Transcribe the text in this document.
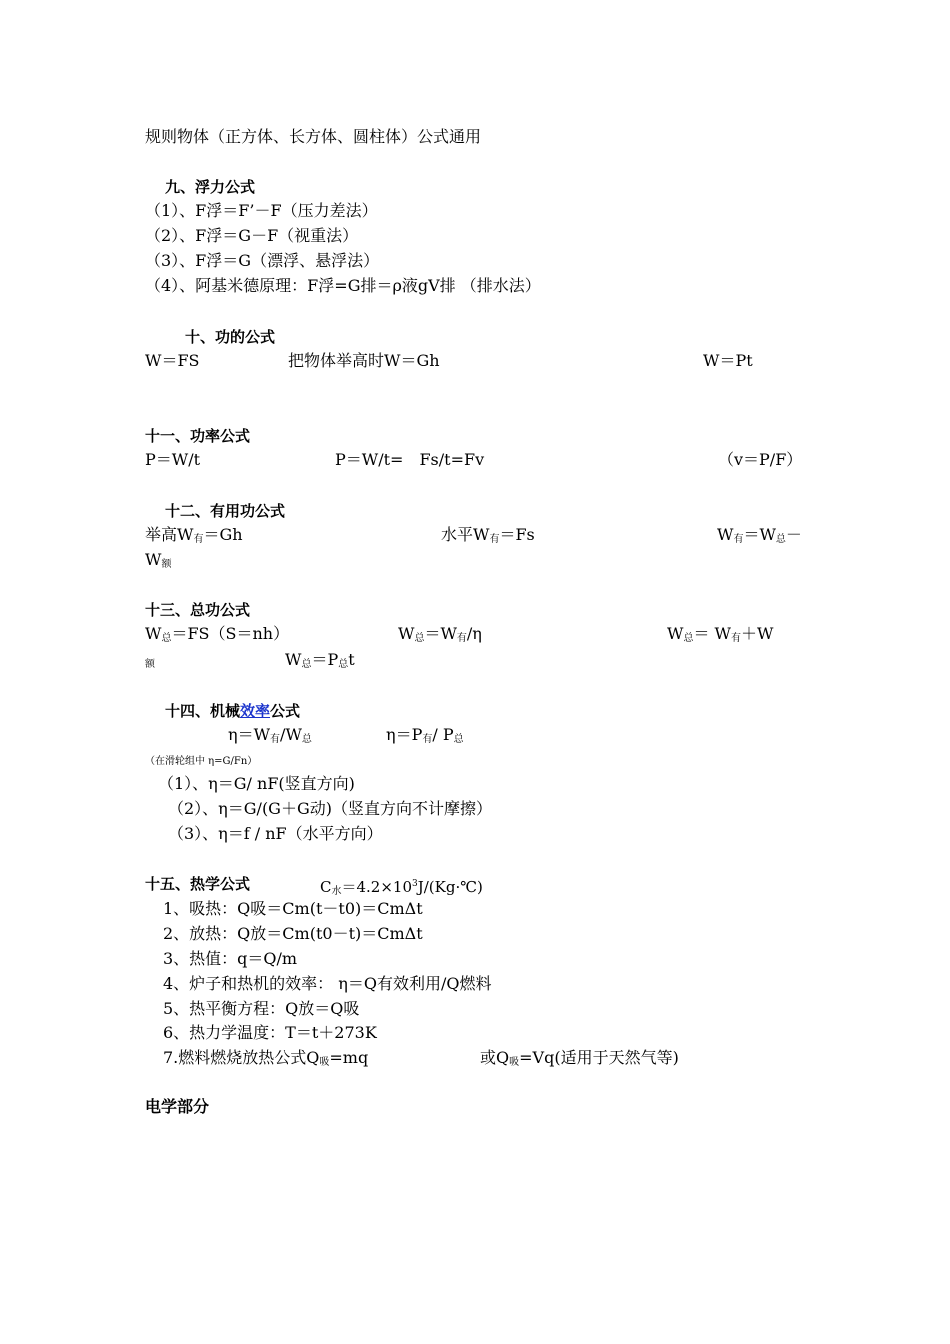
规则物体（正方体、长方体、圆柱体）公式通用
九、浮力公式
（1）、F浮＝F’－F（压力差法）
（2）、F浮＝G－F（视重法）
（3）、F浮＝G（漂浮、悬浮法）
（4）、阿基米德原理：F浮=G排＝ρ液gV排 （排水法）
十、功的公式
W＝FS	把物体举高时W＝Gh	W＝Pt
十一、功率公式
P＝W/t	P＝W/t=　Fs/t=Fv	（v＝P/F）
十二、有用功公式
举高$W_有=Gh$	水平$W_有=Fs$	$W_有=W_总-$
$W_额$
十三、总功公式
$W_总=FS(S=nh)$	$W_总=W_有/\eta$	$W_总= W_有+W$
$_额$	$W_总=P_总t$
十四、机械效率公式
$\eta=W_有/W_总$	$\eta=P_有/$ $P_总$
（在滑轮组中 η=G/Fn）
（1）、η＝G/ nF(竖直方向)
（2）、η＝G/(G＋G动)（竖直方向不计摩擦）
（3）、η＝f / nF（水平方向）
十五、热学公式	$C_水=4.2\times 10^3J/(Kg\cdot℃)$
1、吸热：Q吸＝Cm(t－t0)＝CmΔt
2、放热：Q放＝Cm(t0－t)＝CmΔt
3、热值：q＝Q/m
4、炉子和热机的效率： η＝Q有效利用/Q燃料
5、热平衡方程：Q放＝Q吸
6、热力学温度：T＝t＋273K
7.燃料燃烧放热公式$Q_吸=mq$	或$Q_吸=Vq$(适用于天然气等)
电学部分
